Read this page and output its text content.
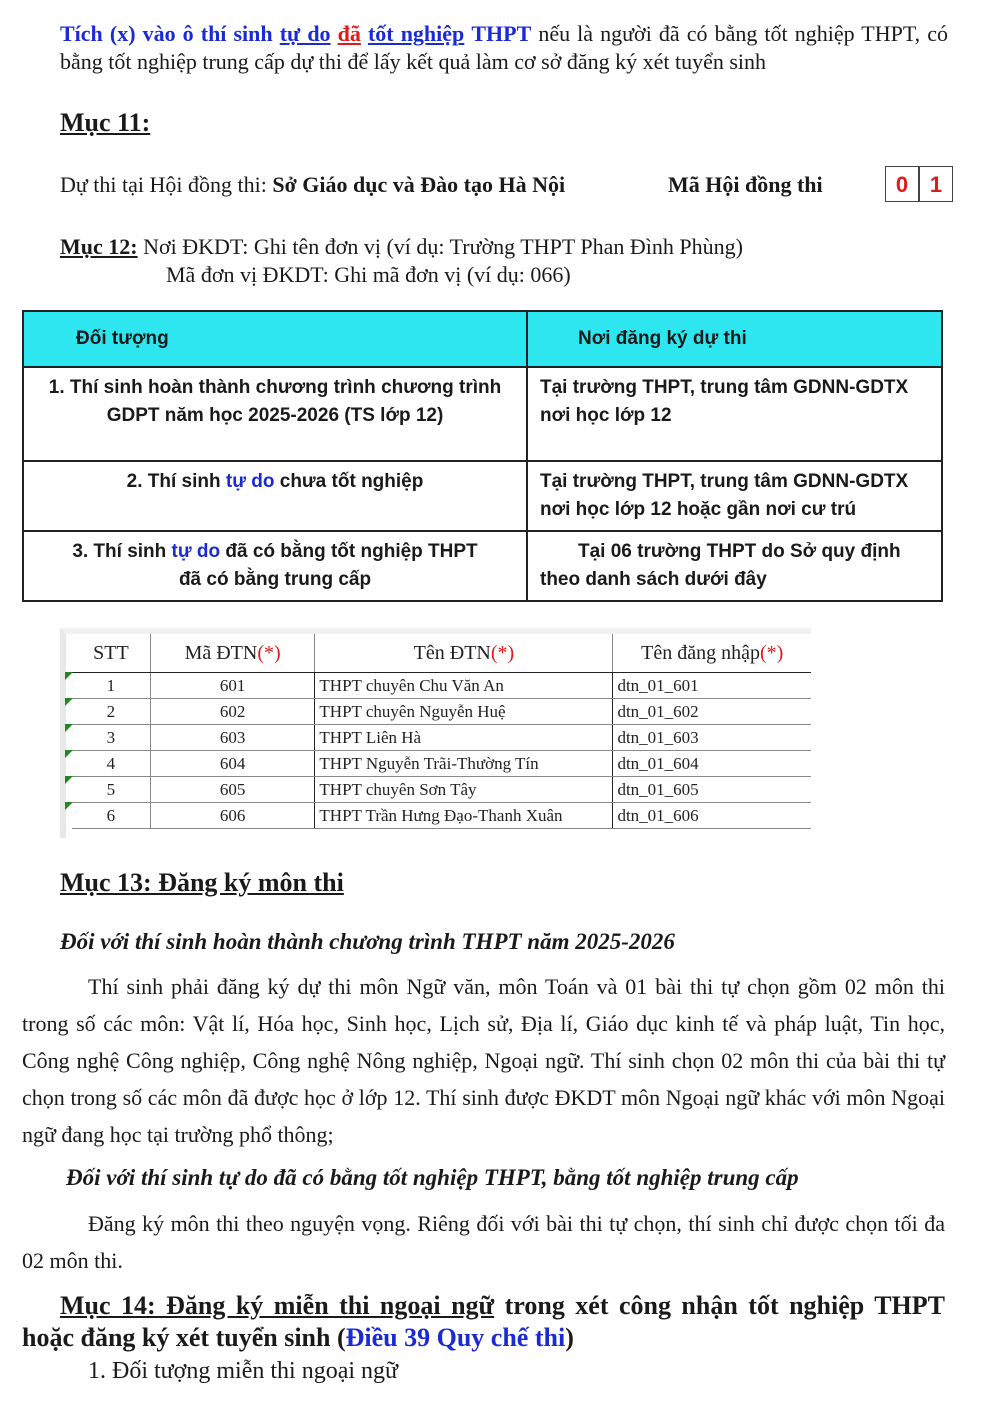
Tích (x) vào ô thí sinh tự do đã tốt nghiệp THPT nếu là người đã có bằng tốt nghiệp THPT, có bằng tốt nghiệp trung cấp dự thi để lấy kết quả làm cơ sở đăng ký xét tuyển sinh
Mục 11:
Dự thi tại Hội đồng thi: Sở Giáo dục và Đào tạo Hà Nội	Mã Hội đồng thi	0 1
Mục 12: Nơi ĐKDT: Ghi tên đơn vị (ví dụ: Trường THPT Phan Đình Phùng)
Mã đơn vị ĐKDT: Ghi mã đơn vị (ví dụ: 066)
Đối tượng	Nơi đăng ký dự thi
1. Thí sinh hoàn thành chương trình chương trình GDPT năm học 2025-2026 (TS lớp 12)	Tại trường THPT, trung tâm GDNN-GDTX nơi học lớp 12
2. Thí sinh tự do chưa tốt nghiệp	Tại trường THPT, trung tâm GDNN-GDTX nơi học lớp 12 hoặc gần nơi cư trú
3. Thí sinh tự do đã có bằng tốt nghiệp THPT
đã có bằng trung cấp	Tại 06 trường THPT do Sở quy định theo danh sách dưới đây
STT	Mã ĐTN(*)	Tên ĐTN(*)	Tên đăng nhập(*)
1	601	THPT chuyên Chu Văn An	dtn_01_601
2	602	THPT chuyên Nguyễn Huệ	dtn_01_602
3	603	THPT Liên Hà	dtn_01_603
4	604	THPT Nguyễn Trãi-Thường Tín	dtn_01_604
5	605	THPT chuyên Sơn Tây	dtn_01_605
6	606	THPT Trần Hưng Đạo-Thanh Xuân	dtn_01_606
Mục 13: Đăng ký môn thi
Đối với thí sinh hoàn thành chương trình THPT năm 2025-2026
Thí sinh phải đăng ký dự thi môn Ngữ văn, môn Toán và 01 bài thi tự chọn gồm 02 môn thi trong số các môn: Vật lí, Hóa học, Sinh học, Lịch sử, Địa lí, Giáo dục kinh tế và pháp luật, Tin học, Công nghệ Công nghiệp, Công nghệ Nông nghiệp, Ngoại ngữ. Thí sinh chọn 02 môn thi của bài thi tự chọn trong số các môn đã được học ở lớp 12. Thí sinh được ĐKDT môn Ngoại ngữ khác với môn Ngoại ngữ đang học tại trường phổ thông;
Đối với thí sinh tự do đã có bằng tốt nghiệp THPT, bằng tốt nghiệp trung cấp
Đăng ký môn thi theo nguyện vọng. Riêng đối với bài thi tự chọn, thí sinh chỉ được chọn tối đa 02 môn thi.
Mục 14: Đăng ký miễn thi ngoại ngữ trong xét công nhận tốt nghiệp THPT hoặc đăng ký xét tuyển sinh (Điều 39 Quy chế thi)
1. Đối tượng miễn thi ngoại ngữ
